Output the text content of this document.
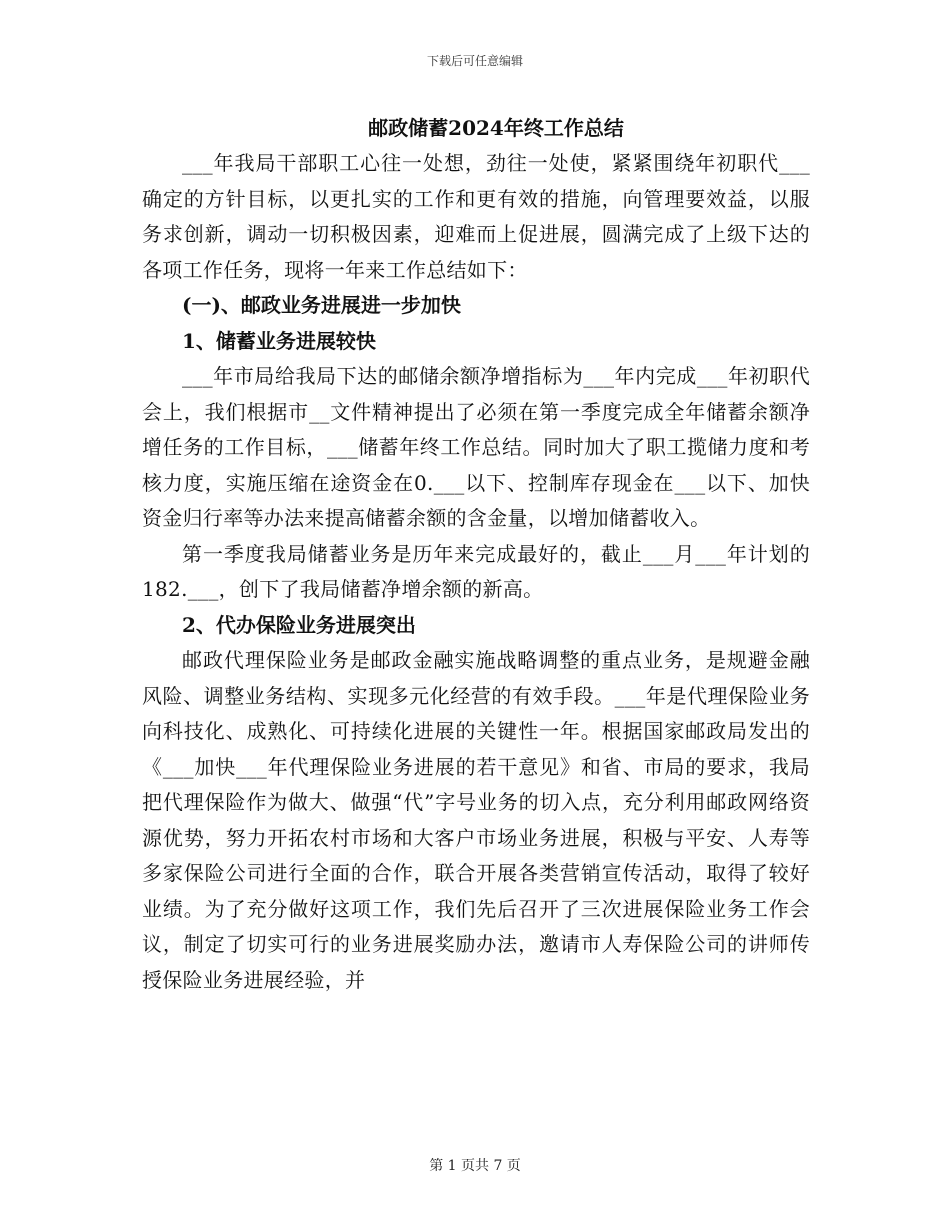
下载后可任意编辑
邮政储蓄2024年终工作总结

___年我局干部职工心往一处想，劲往一处使，紧紧围绕年初职代___确定的方针目标，以更扎实的工作和更有效的措施，向管理要效益，以服务求创新，调动一切积极因素，迎难而上促进展，圆满完成了上级下达的各项工作任务，现将一年来工作总结如下：

(一)、邮政业务进展进一步加快

1、储蓄业务进展较快

___年市局给我局下达的邮储余额净增指标为___年内完成___年初职代会上，我们根据市__文件精神提出了必须在第一季度完成全年储蓄余额净增任务的工作目标，___储蓄年终工作总结。同时加大了职工揽储力度和考核力度，实施压缩在途资金在0.___以下、控制库存现金在___以下、加快资金归行率等办法来提高储蓄余额的含金量，以增加储蓄收入。

第一季度我局储蓄业务是历年来完成最好的，截止___月___年计划的182.___，创下了我局储蓄净增余额的新高。

2、代办保险业务进展突出

邮政代理保险业务是邮政金融实施战略调整的重点业务，是规避金融风险、调整业务结构、实现多元化经营的有效手段。___年是代理保险业务向科技化、成熟化、可持续化进展的关键性一年。根据国家邮政局发出的《___加快___年代理保险业务进展的若干意见》和省、市局的要求，我局把代理保险作为做大、做强“代”字号业务的切入点，充分利用邮政网络资源优势，努力开拓农村市场和大客户市场业务进展，积极与平安、人寿等多家保险公司进行全面的合作，联合开展各类营销宣传活动，取得了较好业绩。为了充分做好这项工作，我们先后召开了三次进展保险业务工作会议，制定了切实可行的业务进展奖励办法，邀请市人寿保险公司的讲师传授保险业务进展经验，并

第 1 页共 7 页
